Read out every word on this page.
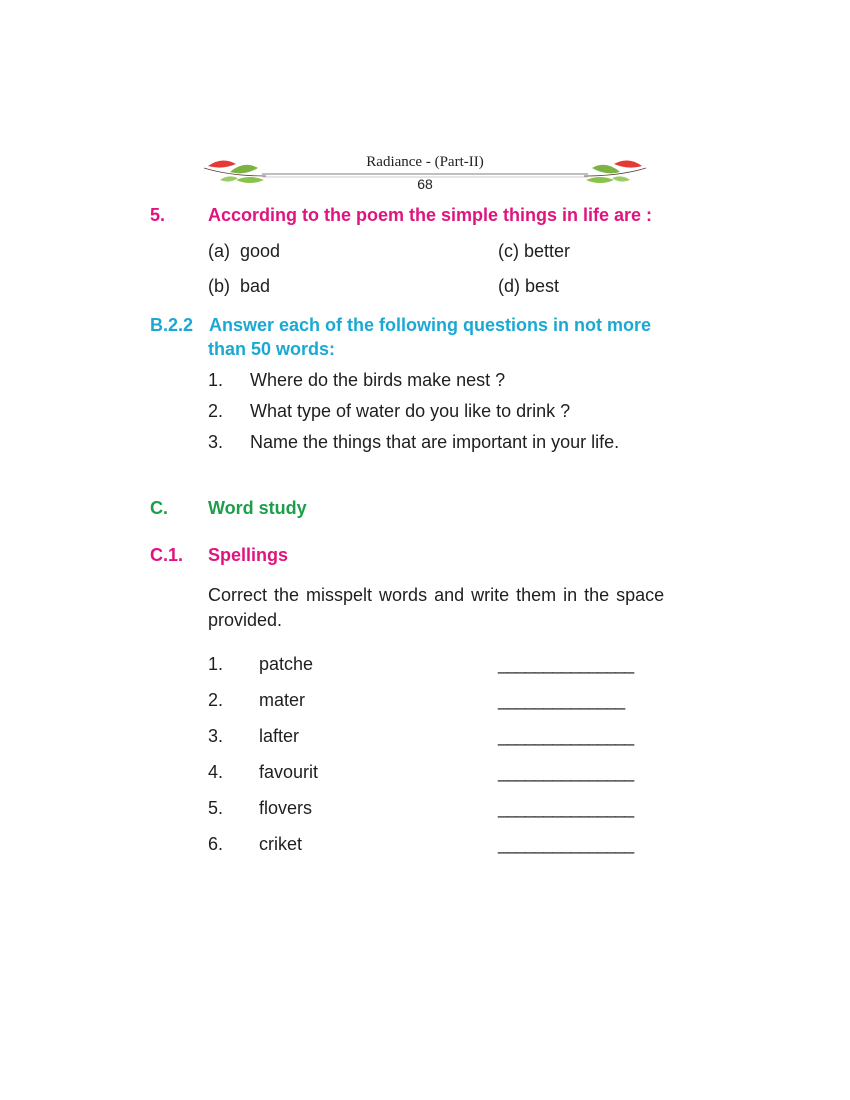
Radiance - (Part-II)
68
5. According to the poem the simple things in life are :
(a) good	(c) better
(b) bad	(d) best
B.2.2 Answer each of the following questions in not more
than 50 words:
1. Where do the birds make nest ?
2. What type of water do you like to drink ?
3. Name the things that are important in your life.
C. Word study
C.1. Spellings
Correct the misspelt words and write them in the space
provided.
1. patche	_______________
2. mater	______________
3. lafter	_______________
4. favourit	_______________
5. flovers	_______________
6. criket	_______________
